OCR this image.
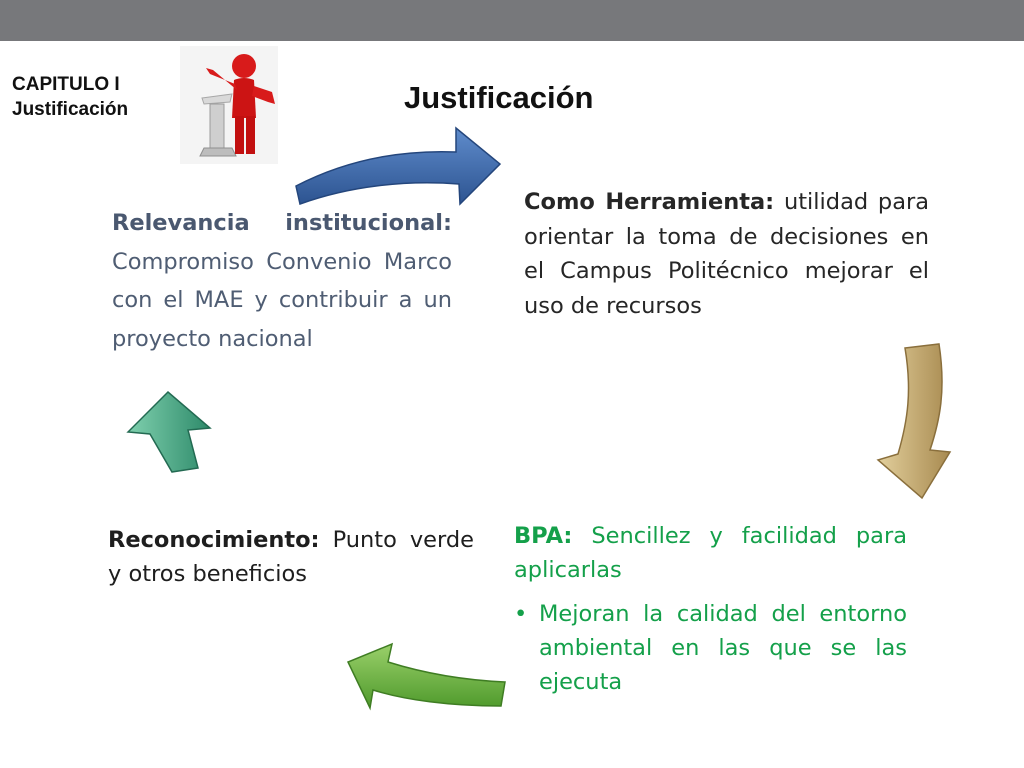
CAPITULO I
Justificación	Justificación
Relevancia institucional: Compromiso Convenio Marco con el MAE y contribuir a un proyecto nacional
Como Herramienta: utilidad para orientar la toma de decisiones en el Campus Politécnico mejorar el uso de recursos
Reconocimiento: Punto verde y otros beneficios
BPA: Sencillez y facilidad para aplicarlas
• Mejoran la calidad del entorno ambiental en las que se las ejecuta
